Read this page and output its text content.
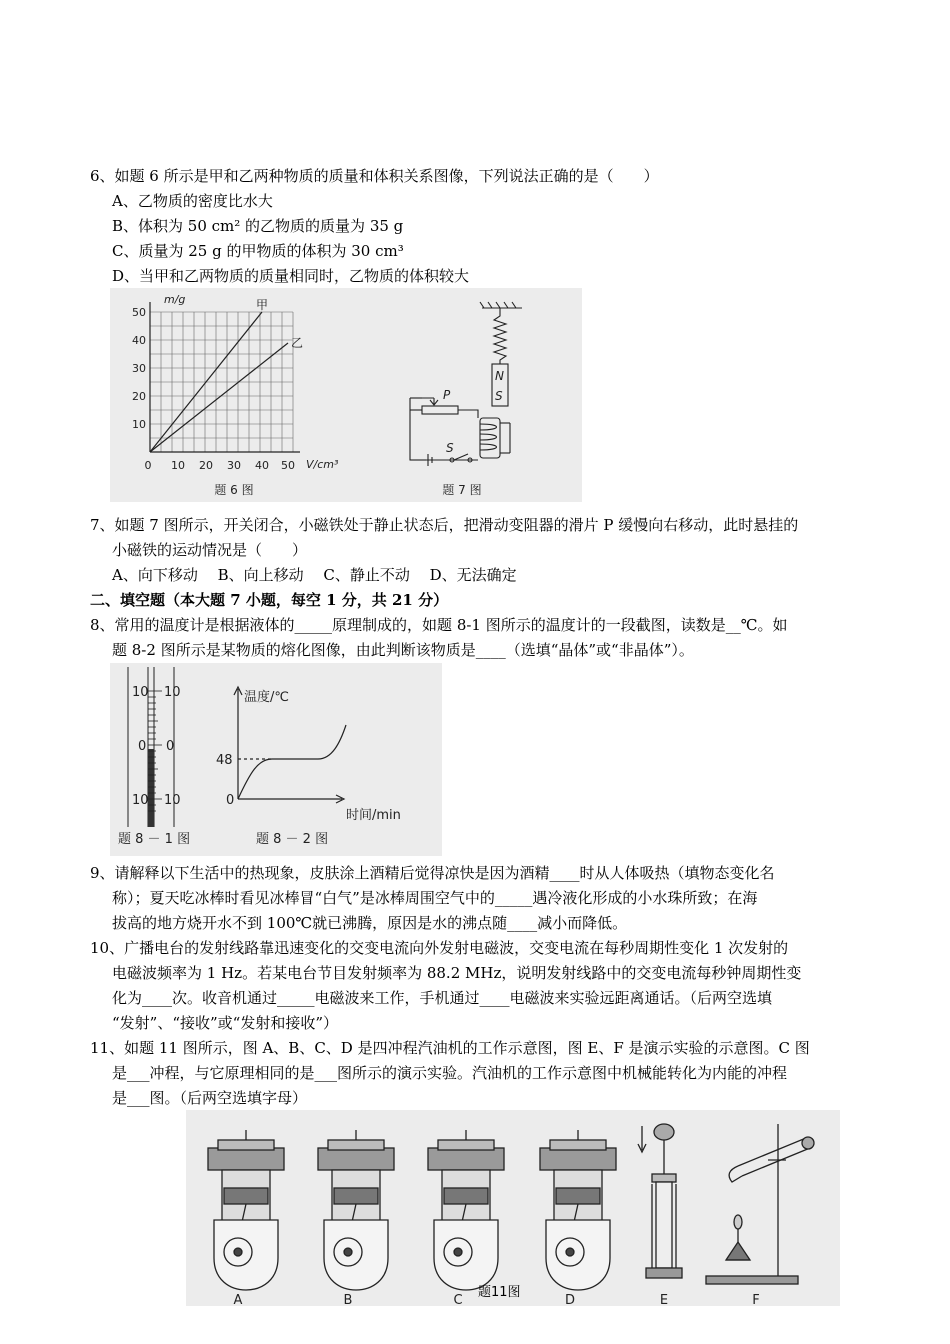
6、如题 6 所示是甲和乙两种物质的质量和体积关系图像，下列说法正确的是（　　）
A、乙物质的密度比水大
B、体积为 50 cm² 的乙物质的质量为 35 g
C、质量为 25 g 的甲物质的体积为 30 cm³
D、当甲和乙两物质的质量相同时，乙物质的体积较大
m/g
V/cm³
甲
乙
50
40
30
20
10
0 10 20 30 40 50
题 6 图
N
S
P
S
题 7 图
7、如题 7 图所示，开关闭合，小磁铁处于静止状态后，把滑动变阻器的滑片 P 缓慢向右移动，此时悬挂的
小磁铁的运动情况是（　　）
A、向下移动　 B、向上移动　 C、静止不动　 D、无法确定
二、填空题（本大题 7 小题，每空 1 分，共 21 分）
8、常用的温度计是根据液体的_____原理制成的，如题 8-1 图所示的温度计的一段截图，读数是__℃。如
题 8-2 图所示是某物质的熔化图像，由此判断该物质是____（选填“晶体”或“非晶体”）。
10 10
0 0
10 10
题 8 － 1 图
温度/℃
48
0
时间/min
题 8 － 2 图
9、请解释以下生活中的热现象，皮肤涂上酒精后觉得凉快是因为酒精____时从人体吸热（填物态变化名
称）；夏天吃冰棒时看见冰棒冒“白气”是冰棒周围空气中的_____遇冷液化形成的小水珠所致；在海
拔高的地方烧开水不到 100℃就已沸腾，原因是水的沸点随____减小而降低。
10、广播电台的发射线路靠迅速变化的交变电流向外发射电磁波，交变电流在每秒周期性变化 1 次发射的
电磁波频率为 1 Hz。若某电台节目发射频率为 88.2 MHz，说明发射线路中的交变电流每秒钟周期性变
化为____次。收音机通过_____电磁波来工作，手机通过____电磁波来实验远距离通话。（后两空选填
“发射”、“接收”或“发射和接收”）
11、如题 11 图所示，图 A、B、C、D 是四冲程汽油机的工作示意图，图 E、F 是演示实验的示意图。C 图
是___冲程，与它原理相同的是___图所示的演示实验。汽油机的工作示意图中机械能转化为内能的冲程
是___图。（后两空选填字母）
A	B	C	D	E	F
题11图
